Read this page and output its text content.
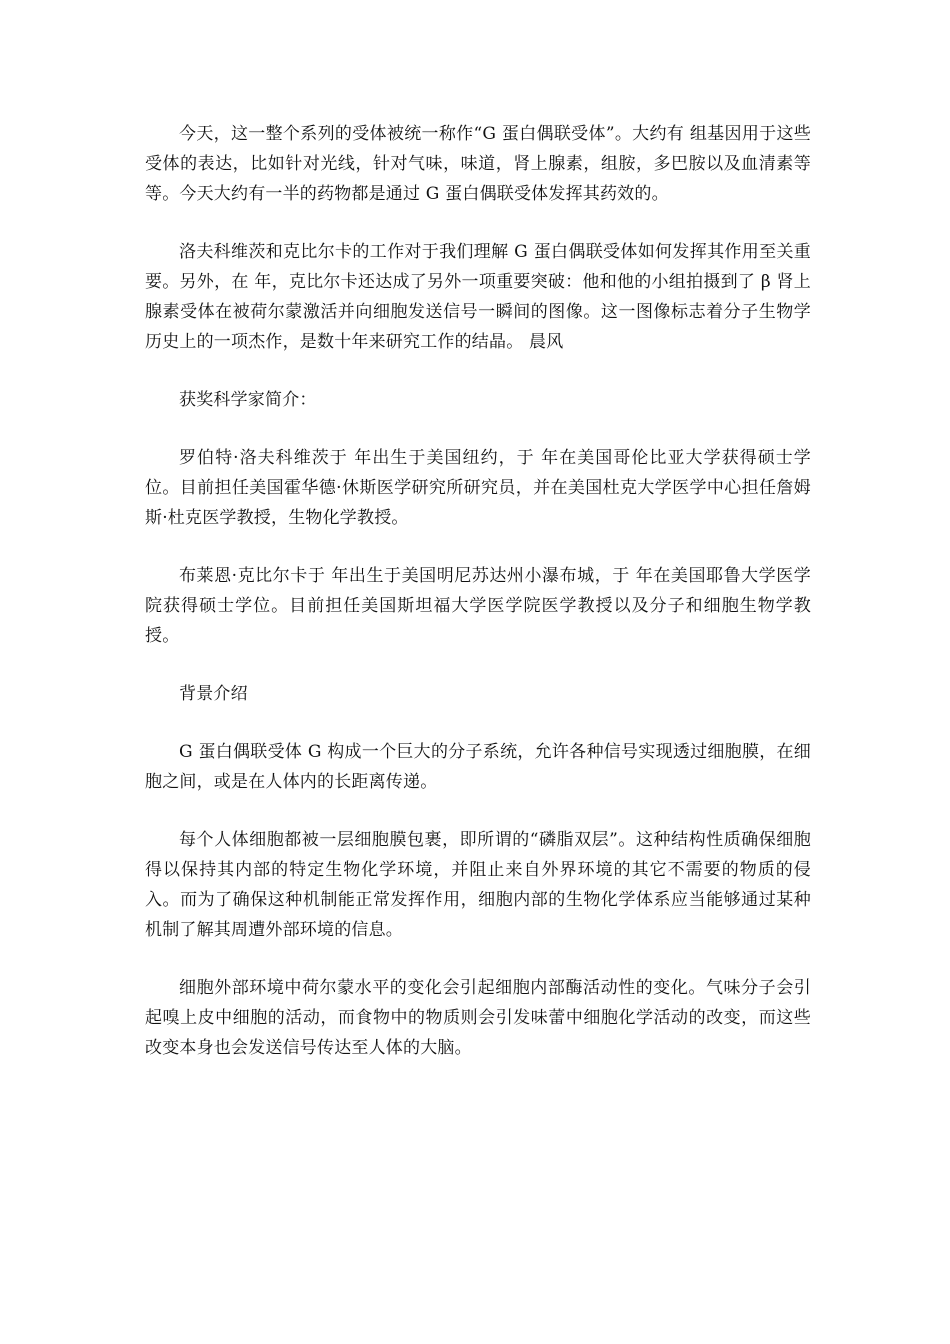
今天，这一整个系列的受体被统一称作“G 蛋白偶联受体”。大约有 组基因用于这些受体的表达，比如针对光线，针对气味，味道，肾上腺素，组胺，多巴胺以及血清素等等。今天大约有一半的药物都是通过 G 蛋白偶联受体发挥其药效的。

洛夫科维茨和克比尔卡的工作对于我们理解 G 蛋白偶联受体如何发挥其作用至关重要。另外，在 年，克比尔卡还达成了另外一项重要突破：他和他的小组拍摄到了 β 肾上腺素受体在被荷尔蒙激活并向细胞发送信号一瞬间的图像。这一图像标志着分子生物学历史上的一项杰作，是数十年来研究工作的结晶。 晨风

获奖科学家简介：

罗伯特·洛夫科维茨于 年出生于美国纽约，于 年在美国哥伦比亚大学获得硕士学位。目前担任美国霍华德·休斯医学研究所研究员，并在美国杜克大学医学中心担任詹姆斯·杜克医学教授，生物化学教授。

布莱恩·克比尔卡于 年出生于美国明尼苏达州小瀑布城，于 年在美国耶鲁大学医学院获得硕士学位。目前担任美国斯坦福大学医学院医学教授以及分子和细胞生物学教授。

背景介绍

G 蛋白偶联受体 G 构成一个巨大的分子系统，允许各种信号实现透过细胞膜，在细胞之间，或是在人体内的长距离传递。

每个人体细胞都被一层细胞膜包裹，即所谓的“磷脂双层”。这种结构性质确保细胞得以保持其内部的特定生物化学环境，并阻止来自外界环境的其它不需要的物质的侵入。而为了确保这种机制能正常发挥作用，细胞内部的生物化学体系应当能够通过某种机制了解其周遭外部环境的信息。

细胞外部环境中荷尔蒙水平的变化会引起细胞内部酶活动性的变化。气味分子会引起嗅上皮中细胞的活动，而食物中的物质则会引发味蕾中细胞化学活动的改变，而这些改变本身也会发送信号传达至人体的大脑。
